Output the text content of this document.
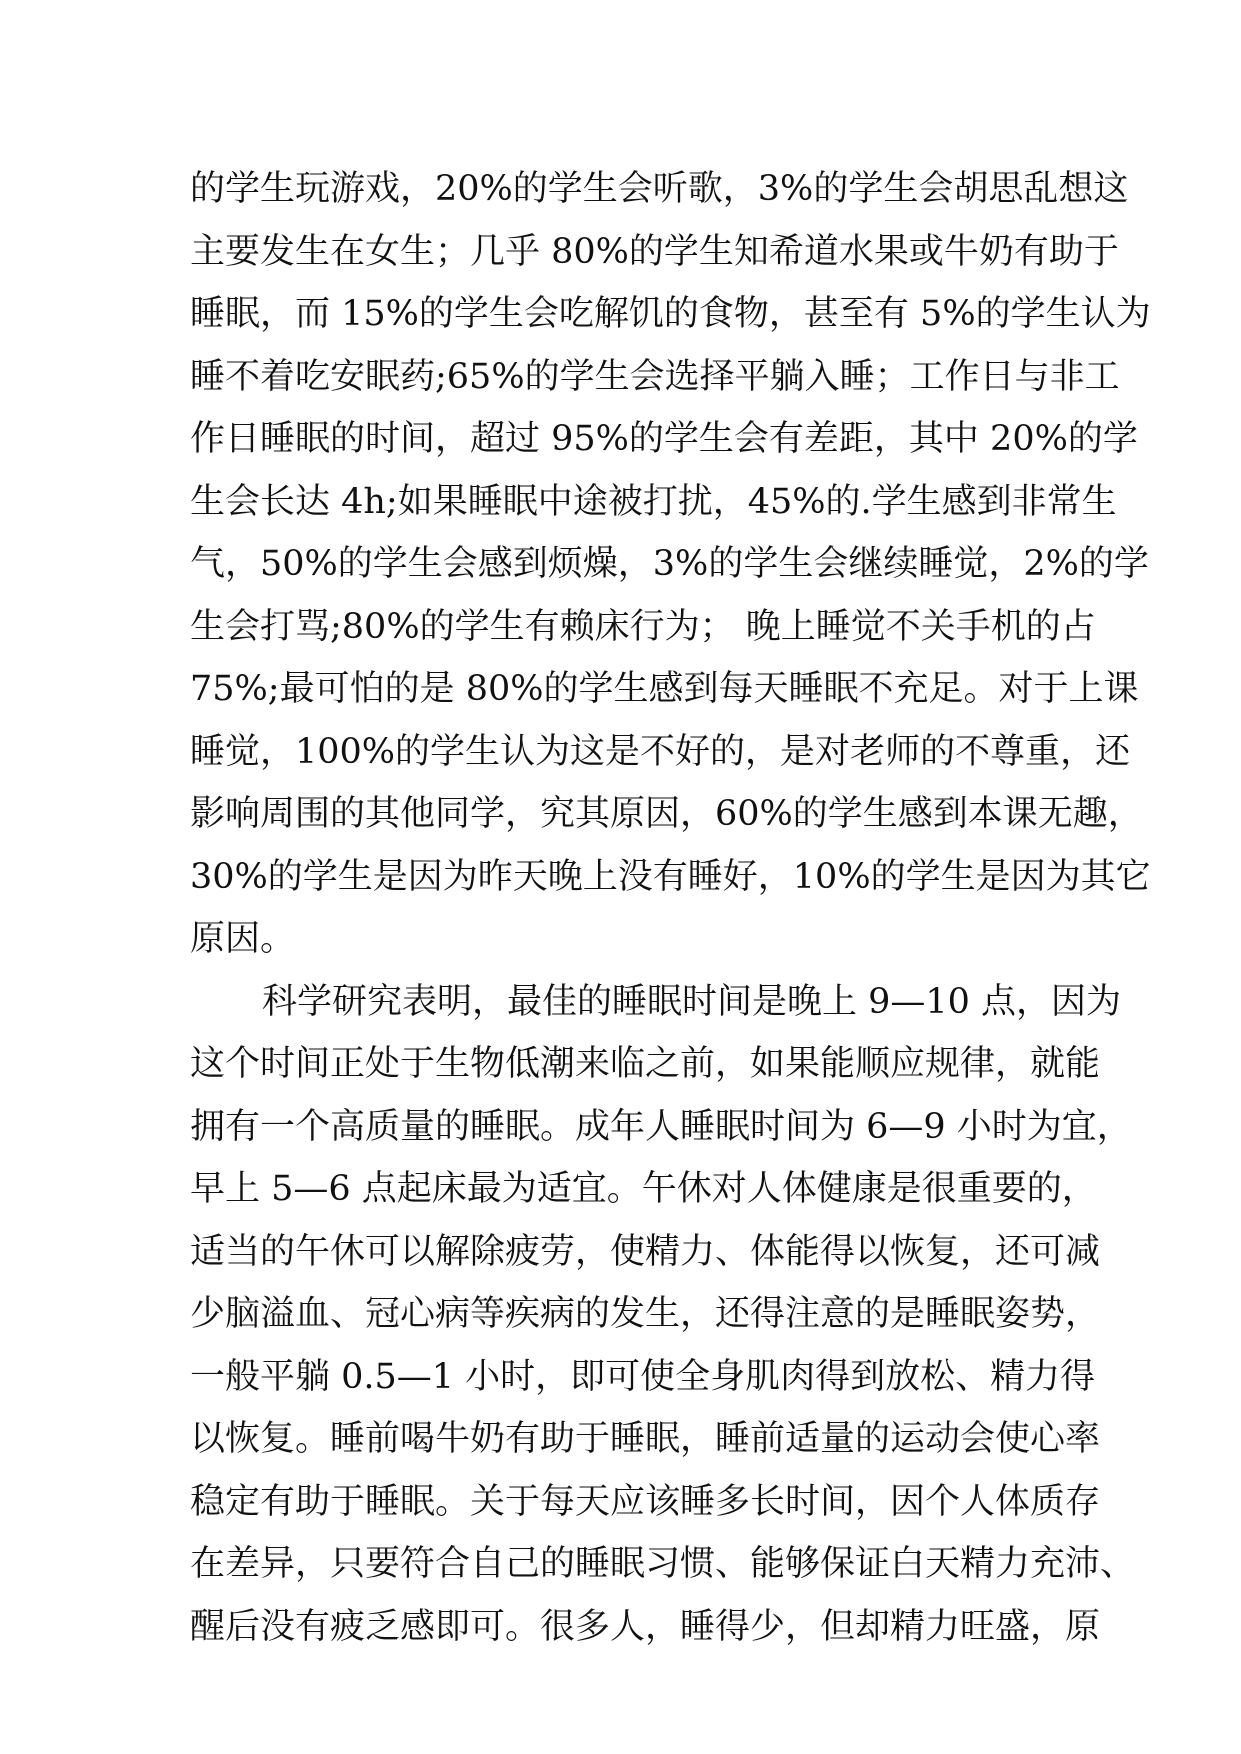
的学生玩游戏，20%的学生会听歌，3%的学生会胡思乱想这
主要发生在女生；几乎 80%的学生知希道水果或牛奶有助于
睡眠，而 15%的学生会吃解饥的食物，甚至有 5%的学生认为
睡不着吃安眠药;65%的学生会选择平躺入睡；工作日与非工
作日睡眠的时间，超过 95%的学生会有差距，其中 20%的学
生会长达 4h;如果睡眠中途被打扰，45%的.学生感到非常生
气，50%的学生会感到烦燥，3%的学生会继续睡觉，2%的学
生会打骂;80%的学生有赖床行为； 晚上睡觉不关手机的占
75%;最可怕的是 80%的学生感到每天睡眠不充足。对于上课
睡觉，100%的学生认为这是不好的，是对老师的不尊重，还
影响周围的其他同学，究其原因，60%的学生感到本课无趣，
30%的学生是因为昨天晚上没有睡好，10%的学生是因为其它
原因。
科学研究表明，最佳的睡眠时间是晚上 9—10 点，因为
这个时间正处于生物低潮来临之前，如果能顺应规律，就能
拥有一个高质量的睡眠。成年人睡眠时间为 6—9 小时为宜，
早上 5—6 点起床最为适宜。午休对人体健康是很重要的，
适当的午休可以解除疲劳，使精力、体能得以恢复，还可减
少脑溢血、冠心病等疾病的发生，还得注意的是睡眠姿势，
一般平躺 0.5—1 小时，即可使全身肌肉得到放松、精力得
以恢复。睡前喝牛奶有助于睡眠，睡前适量的运动会使心率
稳定有助于睡眠。关于每天应该睡多长时间，因个人体质存
在差异，只要符合自己的睡眠习惯、能够保证白天精力充沛、
醒后没有疲乏感即可。很多人，睡得少，但却精力旺盛，原
